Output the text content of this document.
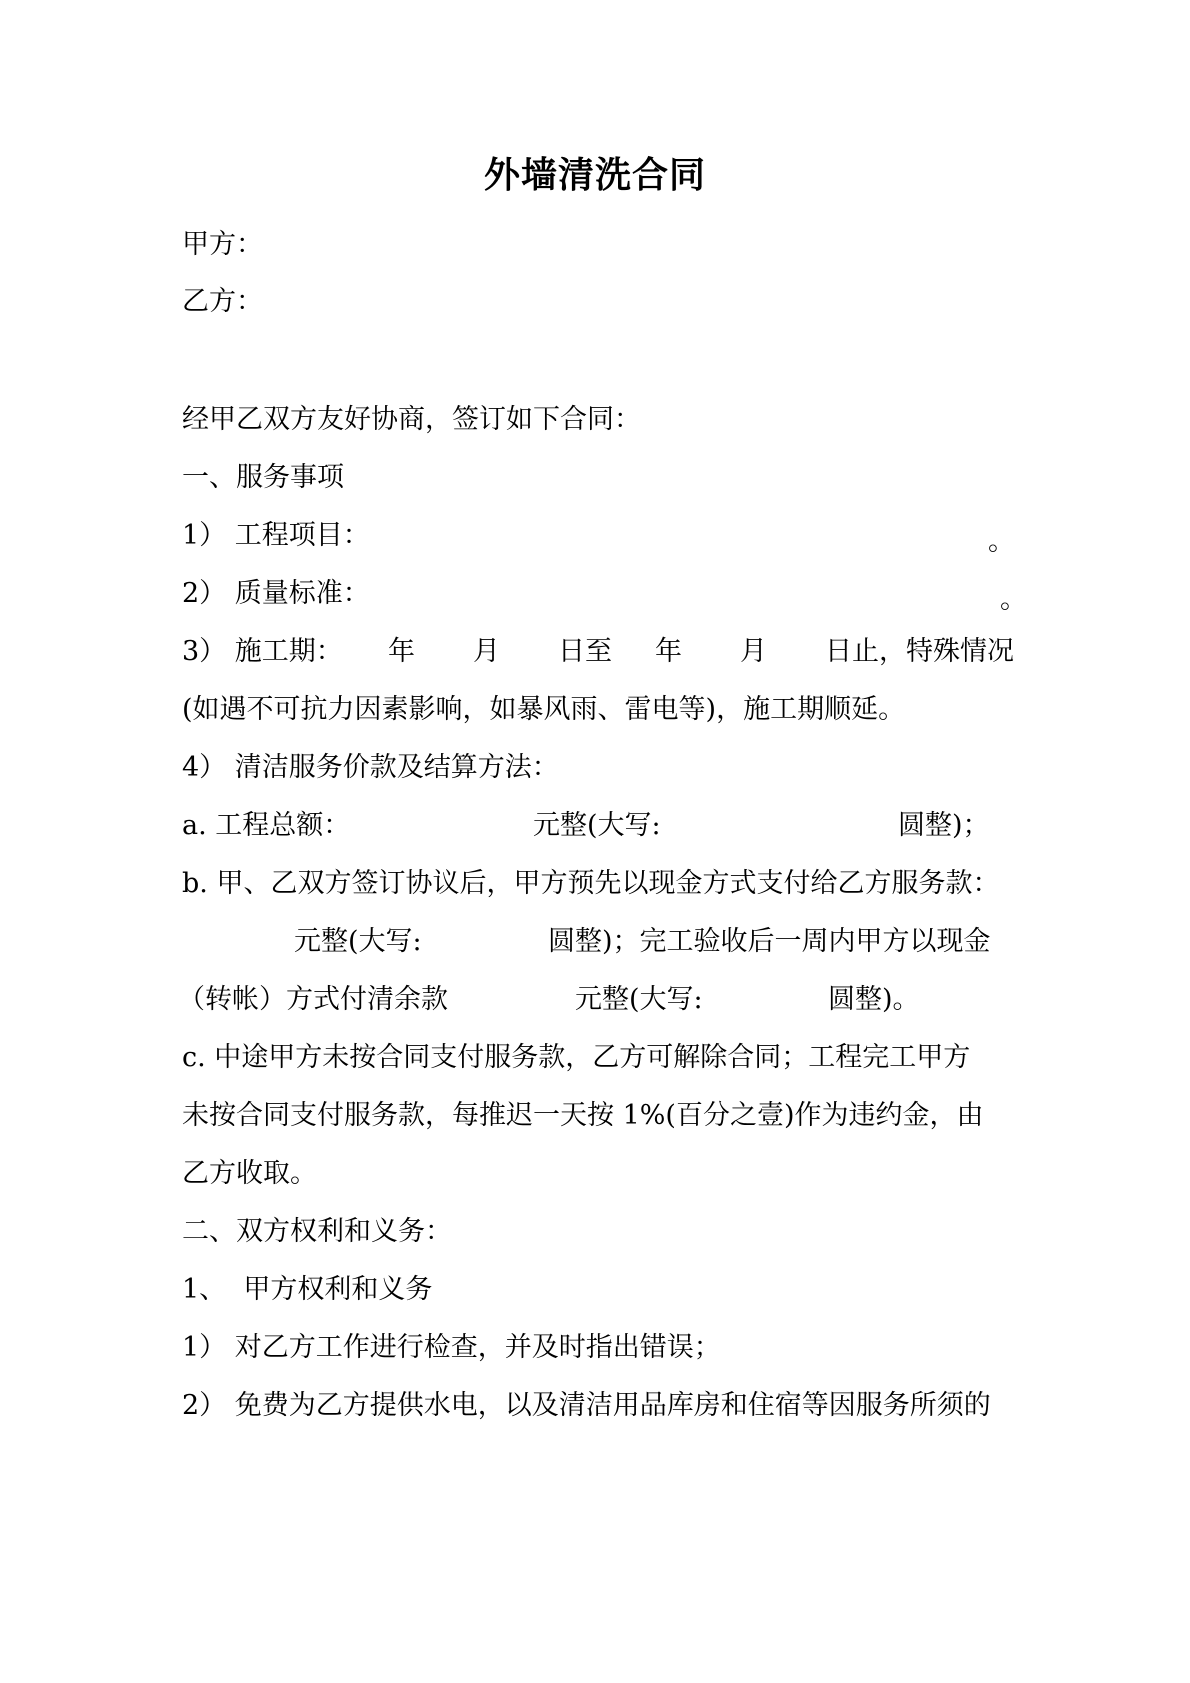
外墙清洗合同
甲方：
乙方：
经甲乙双方友好协商，签订如下合同：
一、服务事项
1） 工程项目：	。
2） 质量标准：	。
3） 施工期： 年 月 日至 年 月 日止，特殊情况
(如遇不可抗力因素影响，如暴风雨、雷电等)，施工期顺延。
4） 清洁服务价款及结算方法：
a. 工程总额：	元整(大写:	圆整)；
b. 甲、乙双方签订协议后，甲方预先以现金方式支付给乙方服务款：
元整(大写:	圆整)；完工验收后一周内甲方以现金
（转帐）方式付清余款	元整(大写:	圆整)。
c. 中途甲方未按合同支付服务款，乙方可解除合同；工程完工甲方
未按合同支付服务款，每推迟一天按 1%(百分之壹)作为违约金，由
乙方收取。
二、双方权利和义务：
1、  甲方权利和义务
1） 对乙方工作进行检查，并及时指出错误；
2） 免费为乙方提供水电，以及清洁用品库房和住宿等因服务所须的
